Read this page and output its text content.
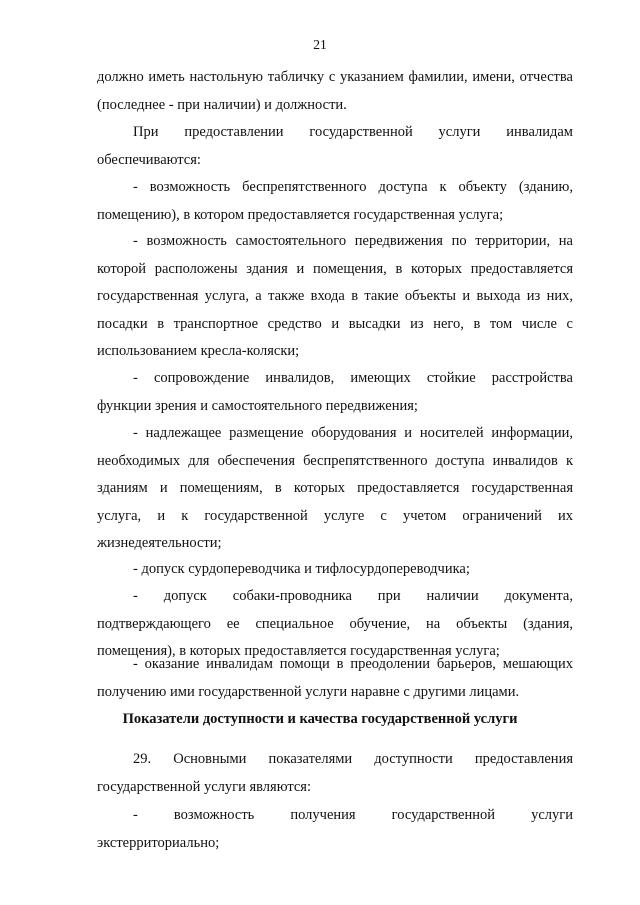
21
должно иметь настольную табличку с указанием фамилии, имени, отчества
(последнее - при наличии) и должности.
При предоставлении государственной услуги инвалидам
обеспечиваются:
- возможность беспрепятственного доступа к объекту (зданию,
помещению), в котором предоставляется государственная услуга;
- возможность самостоятельного передвижения по территории, на
которой расположены здания и помещения, в которых предоставляется
государственная услуга, а также входа в такие объекты и выхода из них,
посадки в транспортное средство и высадки из него, в том числе с
использованием кресла-коляски;
- сопровождение инвалидов, имеющих стойкие расстройства
функции зрения и самостоятельного передвижения;
- надлежащее размещение оборудования и носителей информации,
необходимых для обеспечения беспрепятственного доступа инвалидов к
зданиям и помещениям, в которых предоставляется государственная
услуга, и к государственной услуге с учетом ограничений их
жизнедеятельности;
- допуск сурдопереводчика и тифлосурдопереводчика;
- допуск собаки-проводника при наличии документа,
подтверждающего ее специальное обучение, на объекты (здания,
помещения), в которых предоставляется государственная услуга;
- оказание инвалидам помощи в преодолении барьеров, мешающих
получению ими государственной услуги наравне с другими лицами.
Показатели доступности и качества государственной услуги
29. Основными показателями доступности предоставления
государственной услуги являются:
- возможность получения государственной услуги
экстерриториально;
